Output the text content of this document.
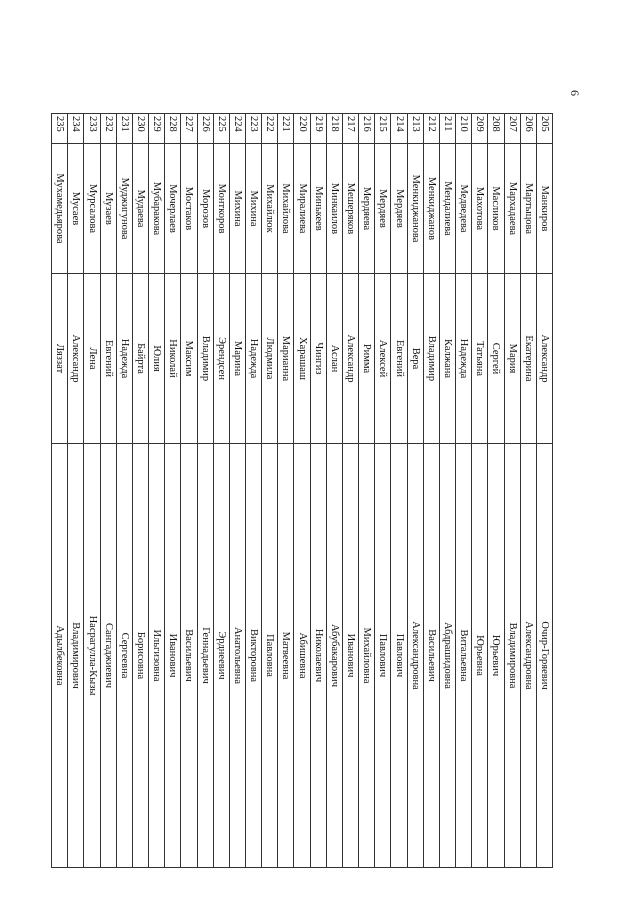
6
205	Манкиров	Александр	Очир-Горяевич
206	Мартыцова	Екатерина	Александровна
207	Мархадаева	Мария	Владимировна
208	Масликов	Сергей	Юрьевич
209	Махотова	Татьяна	Юрьевна
210	Медведева	Надежда	Витальевна
211	Мендалиева	Калжана	Абдрашидовна
212	Менкиджанов	Владимир	Васильевич
213	Менкиджанова	Вера	Александровна
214	Мердяев	Евгений	Павлович
215	Мердяев	Алексей	Павлович
216	Мердяева	Римма	Михайловна
217	Мешеряков	Александр	Иванович
218	Минкаилов	Аслан	Абубакарович
219	Минькеев	Чингиз	Николаевич
220	Миралиева	Харашаш	Абишевна
221	Михайлова	Марианна	Матвеевна
222	Михайлюк	Людмила	Павловна
223	Михина	Надежда	Викторовна
224	Михина	Марина	Анатольевна
225	Монткоров	Эрендсен	Эрднеевич
226	Морозов	Владимир	Геннадьевич
227	Мостаков	Максим	Васильевич
228	Мочерлаев	Николай	Иванович
229	Мубаракова	Юлия	Ильгизовна
230	Мудаева	Байрта	Борисовна
231	Муджигунова	Надежда	Сергеевна
232	Музаев	Евгений	Сангаджиевич
233	Мурсалова	Лена	Насрагулла-Кызы
234	Мусаев	Александр	Владимирович
235	Мухамедьярова	Ляззат	Адылбековна
